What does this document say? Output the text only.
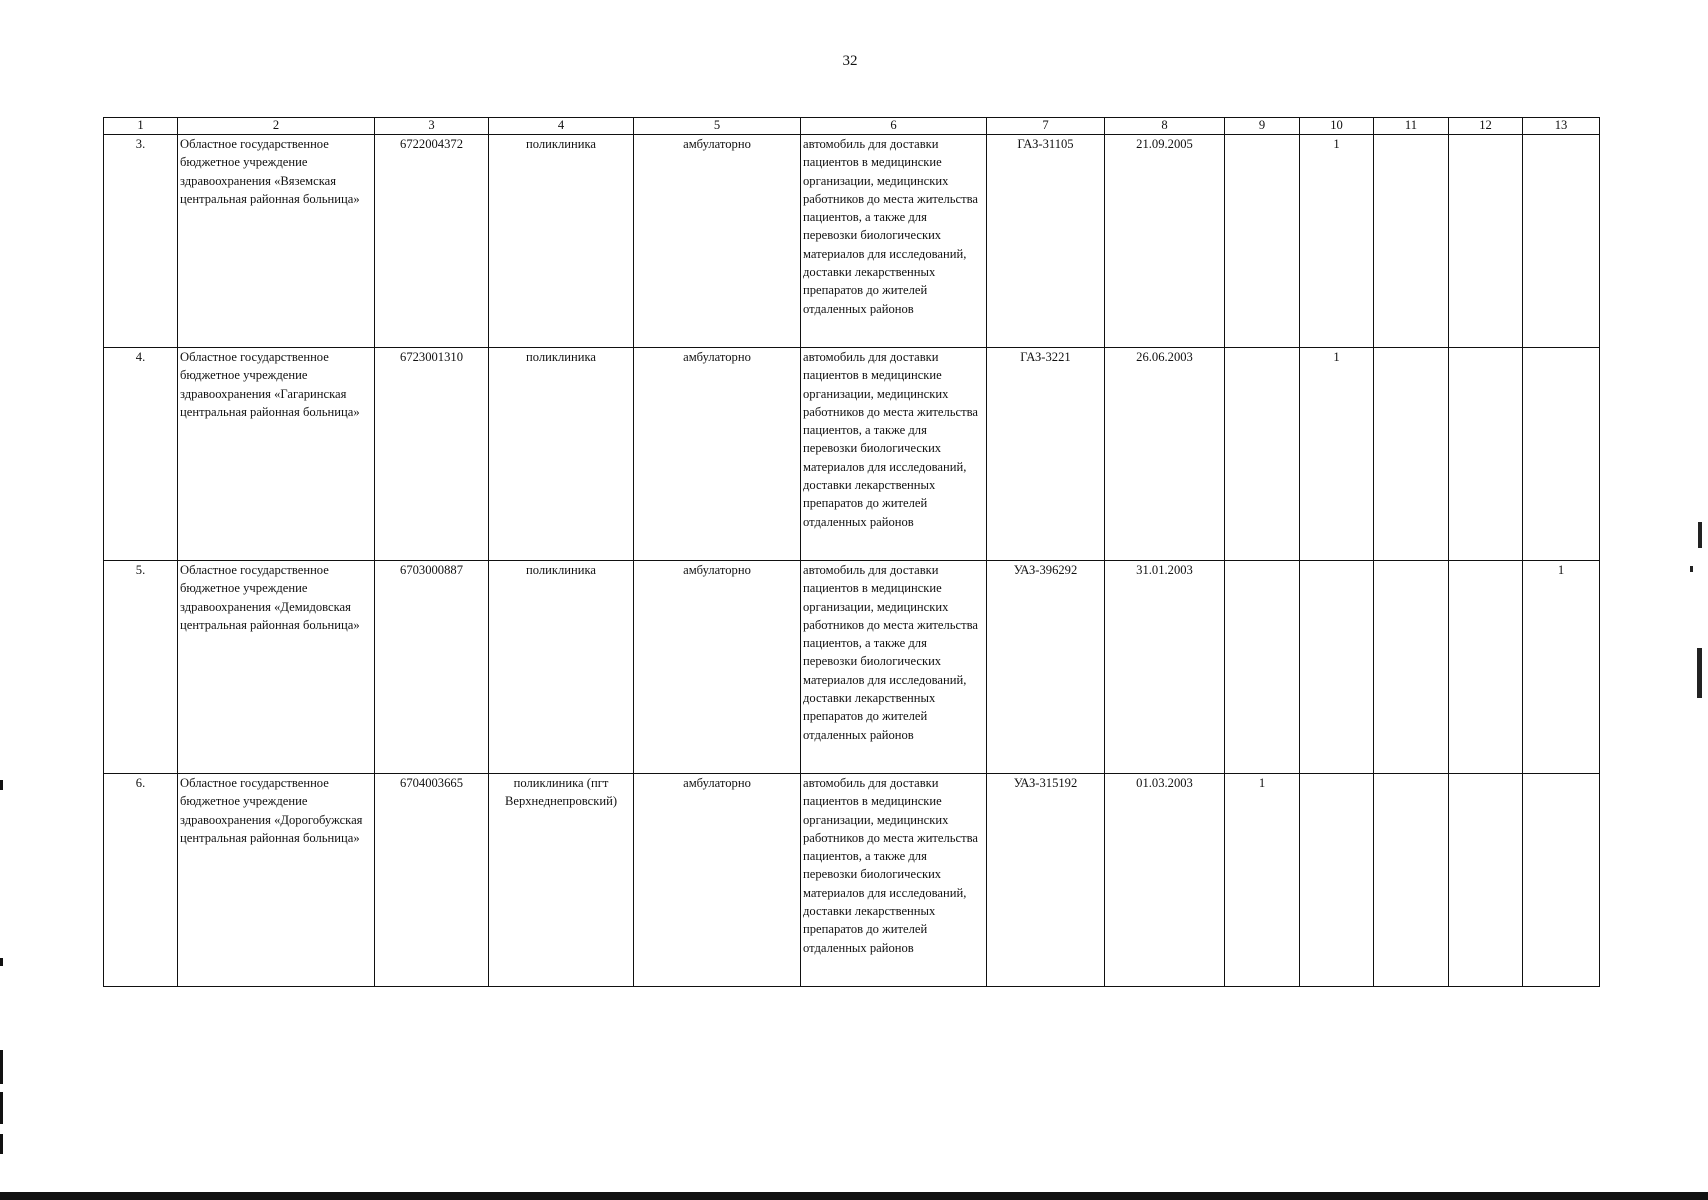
32
1	2	3	4	5	6	7	8	9	10	11	12	13
3.	Областное государственное бюджетное учреждение здравоохранения «Вяземская центральная районная больница»	6722004372	поликлиника	амбулаторно	автомобиль для доставки пациентов в медицинские организации, медицинских работников до места жительства пациентов, а также для перевозки биологических материалов для исследований, доставки лекарственных препаратов до жителей отдаленных районов	ГАЗ-31105	21.09.2005		1			
4.	Областное государственное бюджетное учреждение здравоохранения «Гагаринская центральная районная больница»	6723001310	поликлиника	амбулаторно	автомобиль для доставки пациентов в медицинские организации, медицинских работников до места жительства пациентов, а также для перевозки биологических материалов для исследований, доставки лекарственных препаратов до жителей отдаленных районов	ГАЗ-3221	26.06.2003		1			
5.	Областное государственное бюджетное учреждение здравоохранения «Демидовская центральная районная больница»	6703000887	поликлиника	амбулаторно	автомобиль для доставки пациентов в медицинские организации, медицинских работников до места жительства пациентов, а также для перевозки биологических материалов для исследований, доставки лекарственных препаратов до жителей отдаленных районов	УАЗ-396292	31.01.2003					1
6.	Областное государственное бюджетное учреждение здравоохранения «Дорогобужская центральная районная больница»	6704003665	поликлиника (пгт Верхнеднепровский)	амбулаторно	автомобиль для доставки пациентов в медицинские организации, медицинских работников до места жительства пациентов, а также для перевозки биологических материалов для исследований, доставки лекарственных препаратов до жителей отдаленных районов	УАЗ-315192	01.03.2003	1				
